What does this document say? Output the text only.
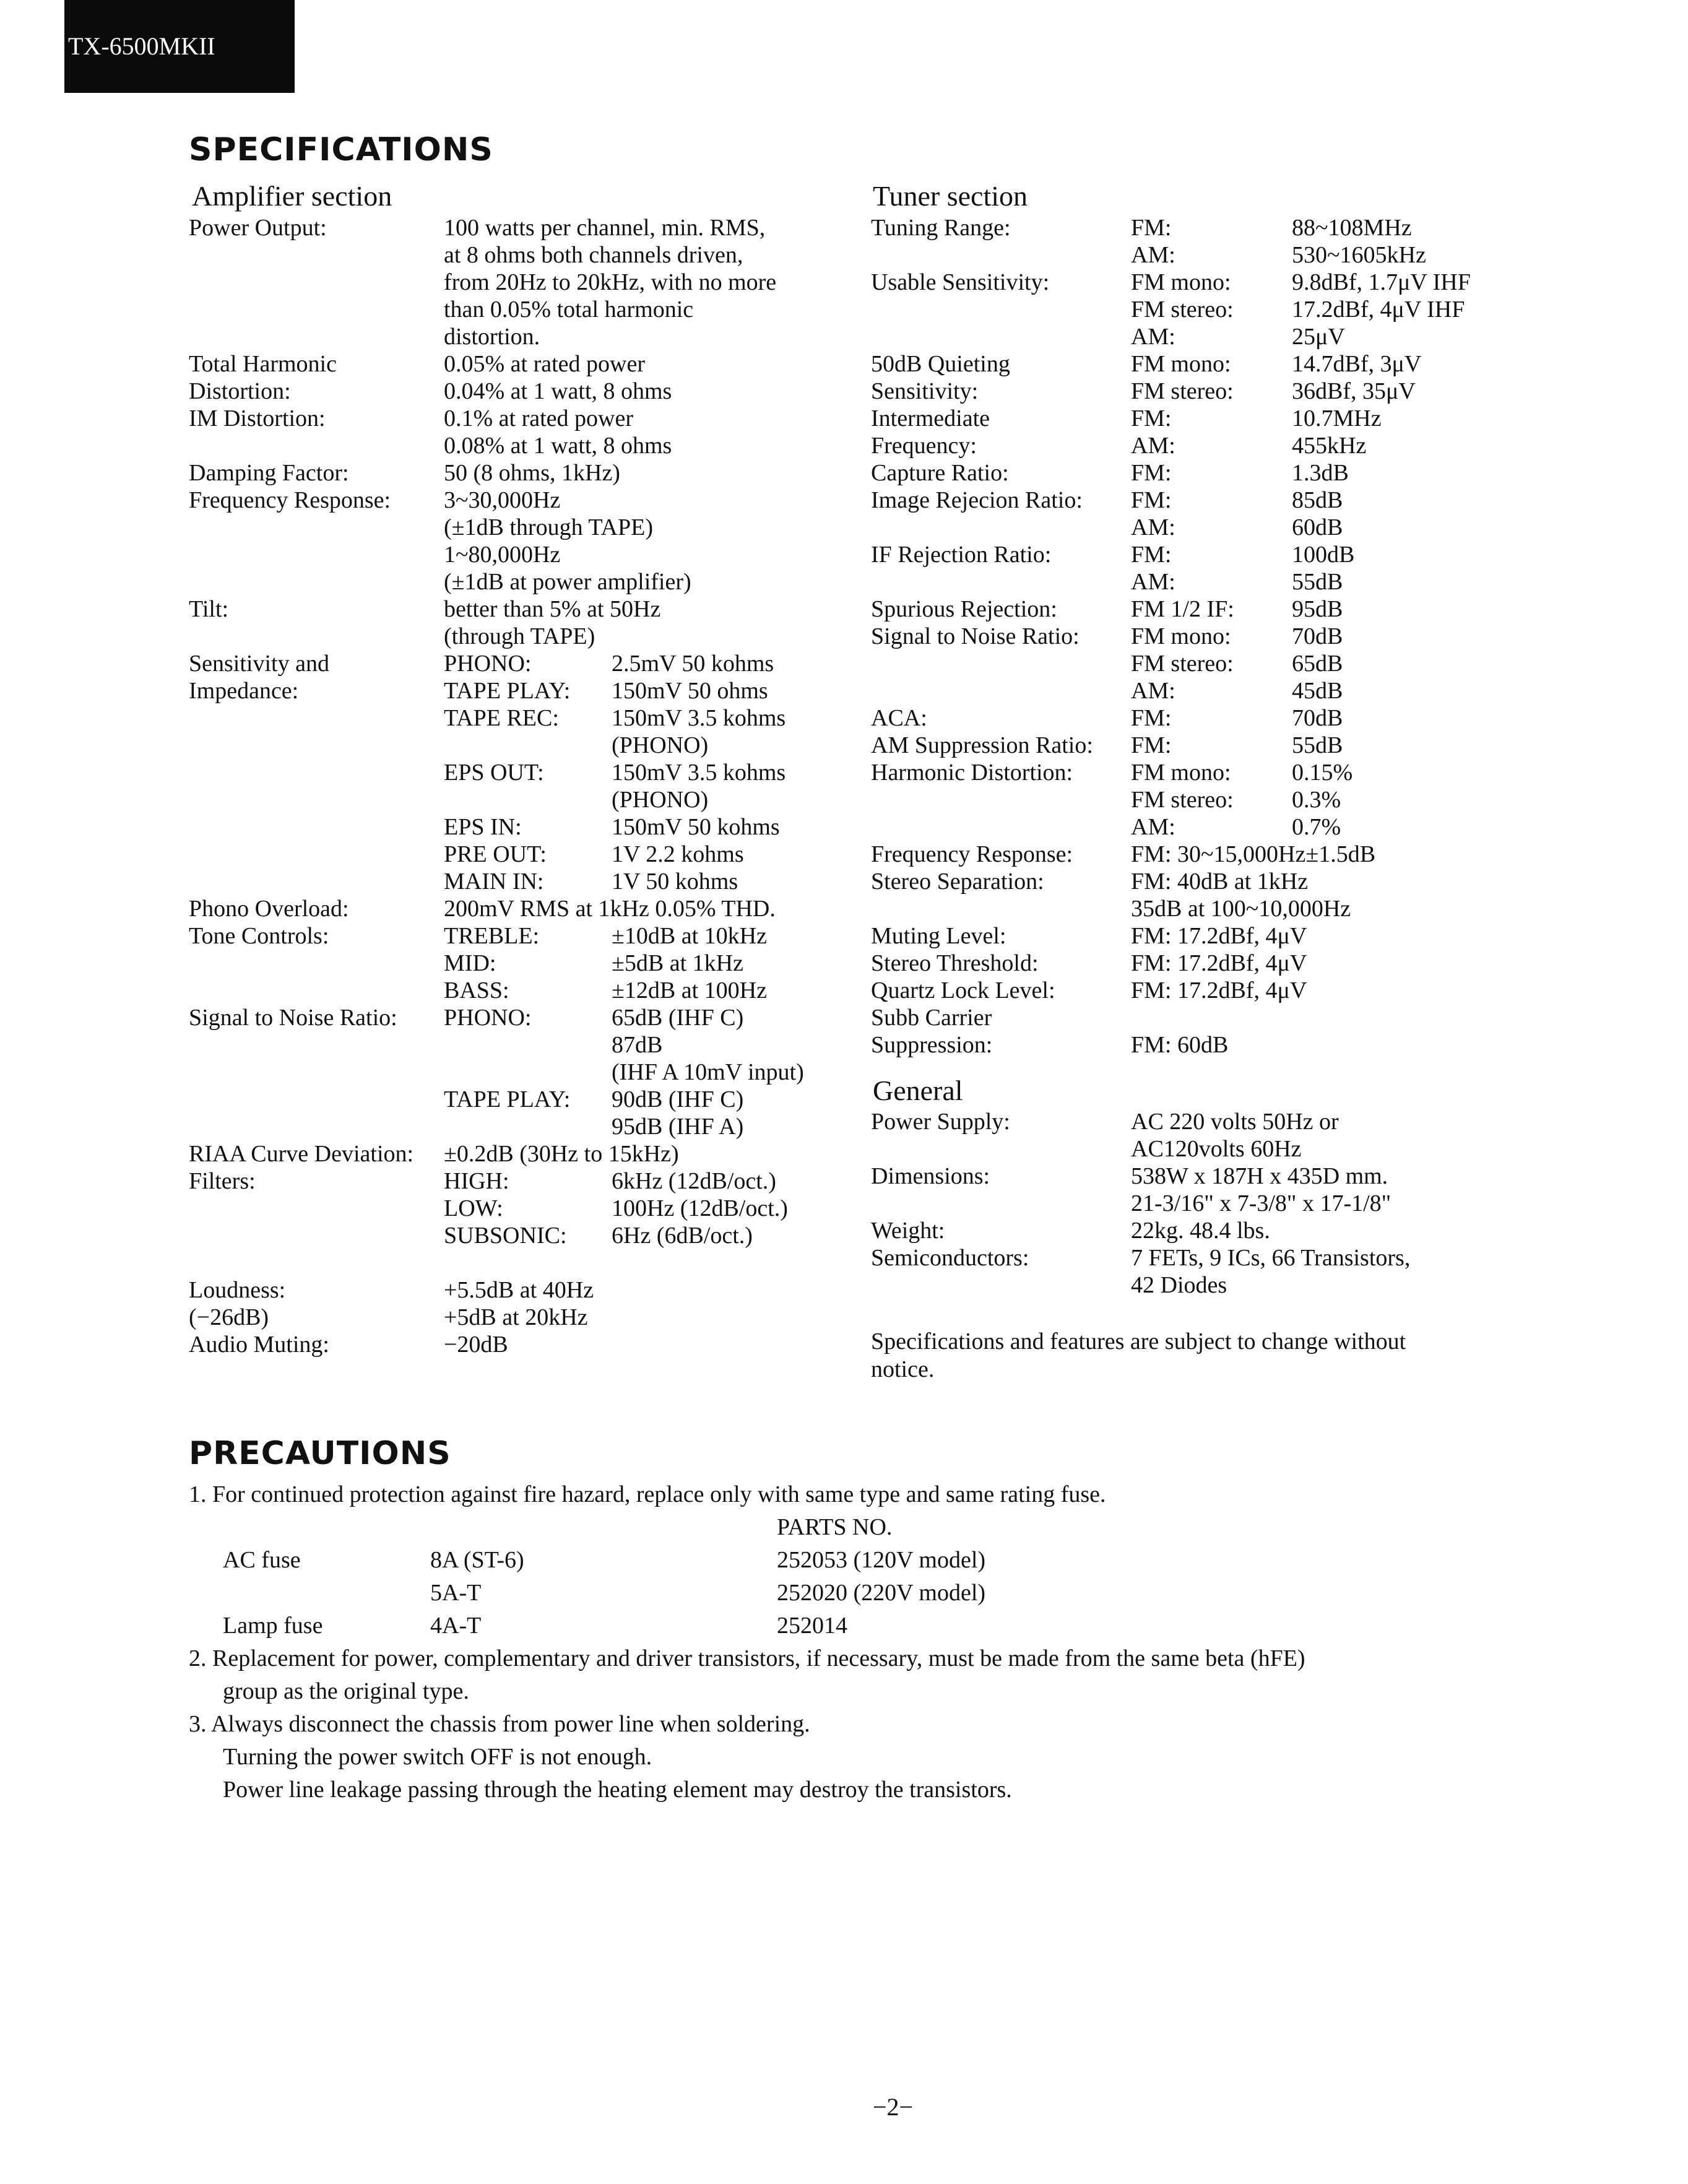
TX-6500MKII
SPECIFICATIONS
Amplifier section
Power Output:	100 watts per channel, min. RMS,
at 8 ohms both channels driven,
from 20Hz to 20kHz, with no more
than 0.05% total harmonic
distortion.
Total Harmonic	0.05% at rated power
Distortion:	0.04% at 1 watt, 8 ohms
IM Distortion:	0.1% at rated power
0.08% at 1 watt, 8 ohms
Damping Factor:	50 (8 ohms, 1kHz)
Frequency Response: 3~30,000Hz
(±1dB through TAPE)
1~80,000Hz
(±1dB at power amplifier)
Tilt:	better than 5% at 50Hz
(through TAPE)
Sensitivity and	PHONO:	2.5mV 50 kohms
Impedance:	TAPE PLAY: 150mV 50 ohms
TAPE REC: 150mV 3.5 kohms
(PHONO)
EPS OUT:	150mV 3.5 kohms
(PHONO)
EPS IN:	150mV 50 kohms
PRE OUT:	1V 2.2 kohms
MAIN IN:	1V 50 kohms
Phono Overload:	200mV RMS at 1kHz 0.05% THD.
Tone Controls:	TREBLE:	±10dB at 10kHz
MID:	±5dB at 1kHz
BASS:	±12dB at 100Hz
Signal to Noise Ratio: PHONO:	65dB (IHF C)
87dB
(IHF A 10mV input)
TAPE PLAY: 90dB (IHF C)
95dB (IHF A)
RIAA Curve Deviation: ±0.2dB (30Hz to 15kHz)
Filters:	HIGH:	6kHz (12dB/oct.)
LOW:	100Hz (12dB/oct.)
SUBSONIC: 6Hz (6dB/oct.)
Loudness:	+5.5dB at 40Hz
(−26dB)	+5dB at 20kHz
Audio Muting:	−20dB
Tuner section
Tuning Range:	FM:	88~108MHz
AM:	530~1605kHz
Usable Sensitivity:	FM mono:	9.8dBf, 1.7μV IHF
FM stereo: 17.2dBf, 4μV IHF
AM:	25μV
50dB Quieting	FM mono:	14.7dBf, 3μV
Sensitivity:	FM stereo: 36dBf, 35μV
Intermediate	FM:	10.7MHz
Frequency:	AM:	455kHz
Capture Ratio:	FM:	1.3dB
Image Rejecion Ratio: FM:	85dB
AM:	60dB
IF Rejection Ratio:	FM:	100dB
AM:	55dB
Spurious Rejection:	FM 1/2 IF: 95dB
Signal to Noise Ratio: FM mono:	70dB
FM stereo: 65dB
AM:	45dB
ACA:	FM:	70dB
AM Suppression Ratio: FM:	55dB
Harmonic Distortion: FM mono:	0.15%
FM stereo: 0.3%
AM:	0.7%
Frequency Response: FM: 30~15,000Hz±1.5dB
Stereo Separation:	FM: 40dB at 1kHz
35dB at 100~10,000Hz
Muting Level:	FM: 17.2dBf, 4μV
Stereo Threshold:	FM: 17.2dBf, 4μV
Quartz Lock Level:	FM: 17.2dBf, 4μV
Subb Carrier
Suppression:	FM: 60dB
General
Power Supply:	AC 220 volts 50Hz or
AC120volts 60Hz
Dimensions:	538W x 187H x 435D mm.
21-3/16" x 7-3/8" x 17-1/8"
Weight:	22kg. 48.4 lbs.
Semiconductors:	7 FETs, 9 ICs, 66 Transistors,
42 Diodes
Specifications and features are subject to change without
notice.
PRECAUTIONS
1. For continued protection against fire hazard, replace only with same type and same rating fuse.
PARTS NO.
AC fuse	8A (ST-6)	252053 (120V model)
5A-T	252020 (220V model)
Lamp fuse	4A-T	252014
2. Replacement for power, complementary and driver transistors, if necessary, must be made from the same beta (hFE)
group as the original type.
3. Always disconnect the chassis from power line when soldering.
Turning the power switch OFF is not enough.
Power line leakage passing through the heating element may destroy the transistors.
−2−
